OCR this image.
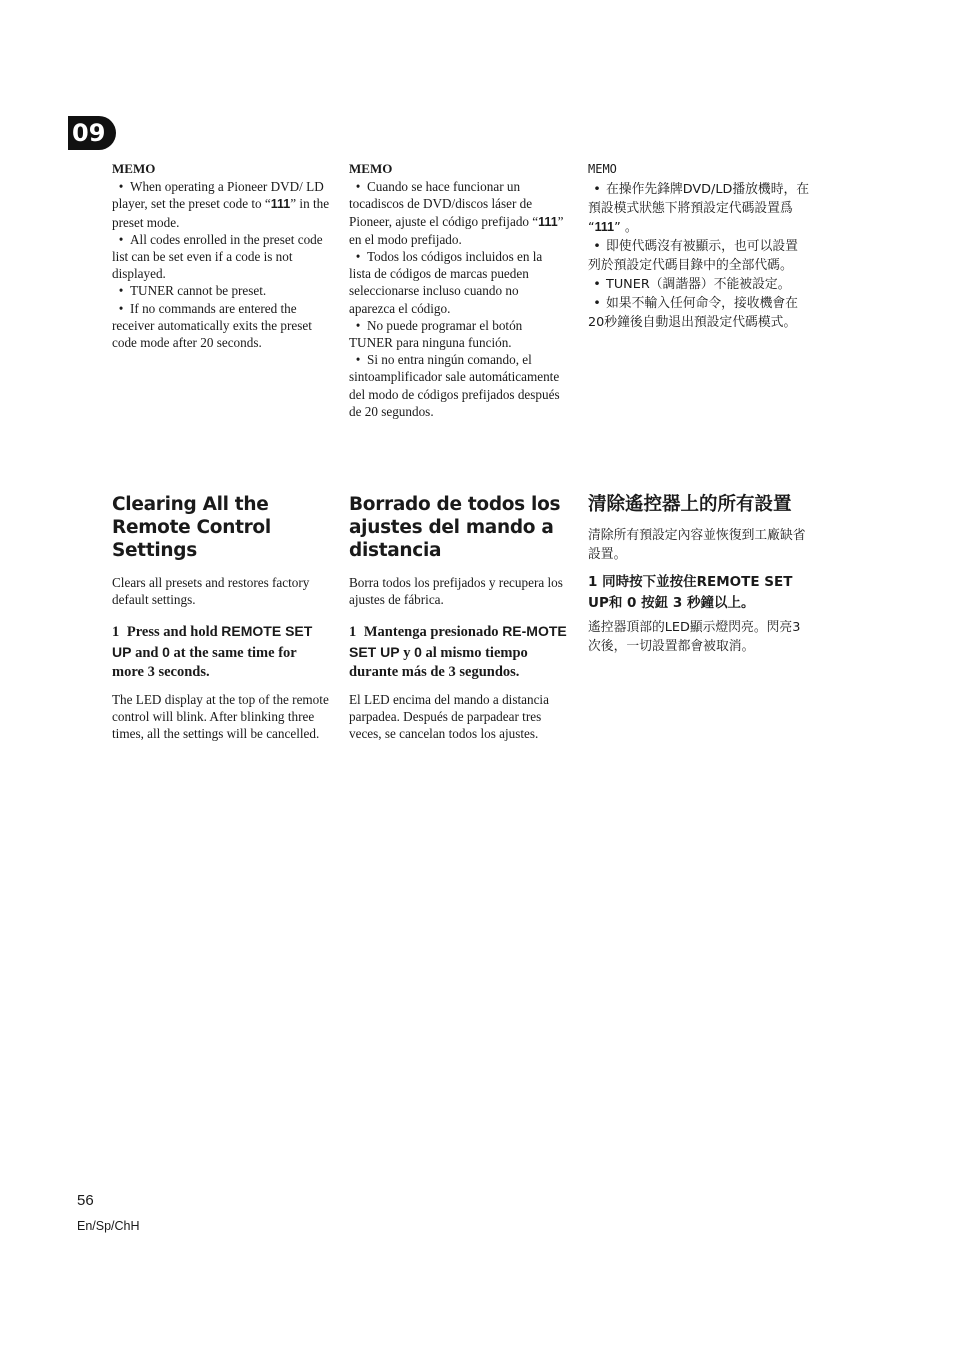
09
MEMO

• When operating a Pioneer DVD/ LD player, set the preset code to “111” in the preset mode.

• All codes enrolled in the preset code list can be set even if a code is not displayed.

• TUNER cannot be preset.

• If no commands are entered the receiver automatically exits the preset code mode after 20 seconds.

MEMO

• Cuando se hace funcionar un tocadiscos de DVD/discos láser de Pioneer, ajuste el código prefijado “111” en el modo prefijado.

• Todos los códigos incluidos en la lista de códigos de marcas pueden seleccionarse incluso cuando no aparezca el código.

• No puede programar el botón TUNER para ninguna función.

• Si no entra ningún comando, el sintoamplificador sale automáticamente del modo de códigos prefijados después de 20 segundos.

MEMO

• 在操作先鋒牌DVD/LD播放機時，在預設模式狀態下將預設定代碼設置爲 “111” 。

• 即使代碼沒有被顯示，也可以設置列於預設定代碼目錄中的全部代碼。

• TUNER（調諧器）不能被設定。

• 如果不輸入任何命令，接收機會在 20秒鐘後自動退出預設定代碼模式。

Clearing All the Remote Control Settings

Clears all presets and restores factory default settings.

1 Press and hold REMOTE SET UP and 0 at the same time for more 3 seconds.

The LED display at the top of the remote control will blink. After blinking three times, all the settings will be cancelled.

Borrado de todos los ajustes del mando a distancia

Borra todos los prefijados y recupera los ajustes de fábrica.

1 Mantenga presionado RE-MOTE SET UP y 0 al mismo tiempo durante más de 3 segundos.

El LED encima del mando a distancia parpadea. Después de parpadear tres veces, se cancelan todos los ajustes.

清除遙控器上的所有設置

清除所有預設定內容並恢復到工廠缺省設置。

1 同時按下並按住REMOTE SET UP和 0 按鈕 3 秒鐘以上。

遙控器頂部的LED顯示燈閃亮。閃亮3次後，一切設置都會被取消。

56
En/Sp/ChH
